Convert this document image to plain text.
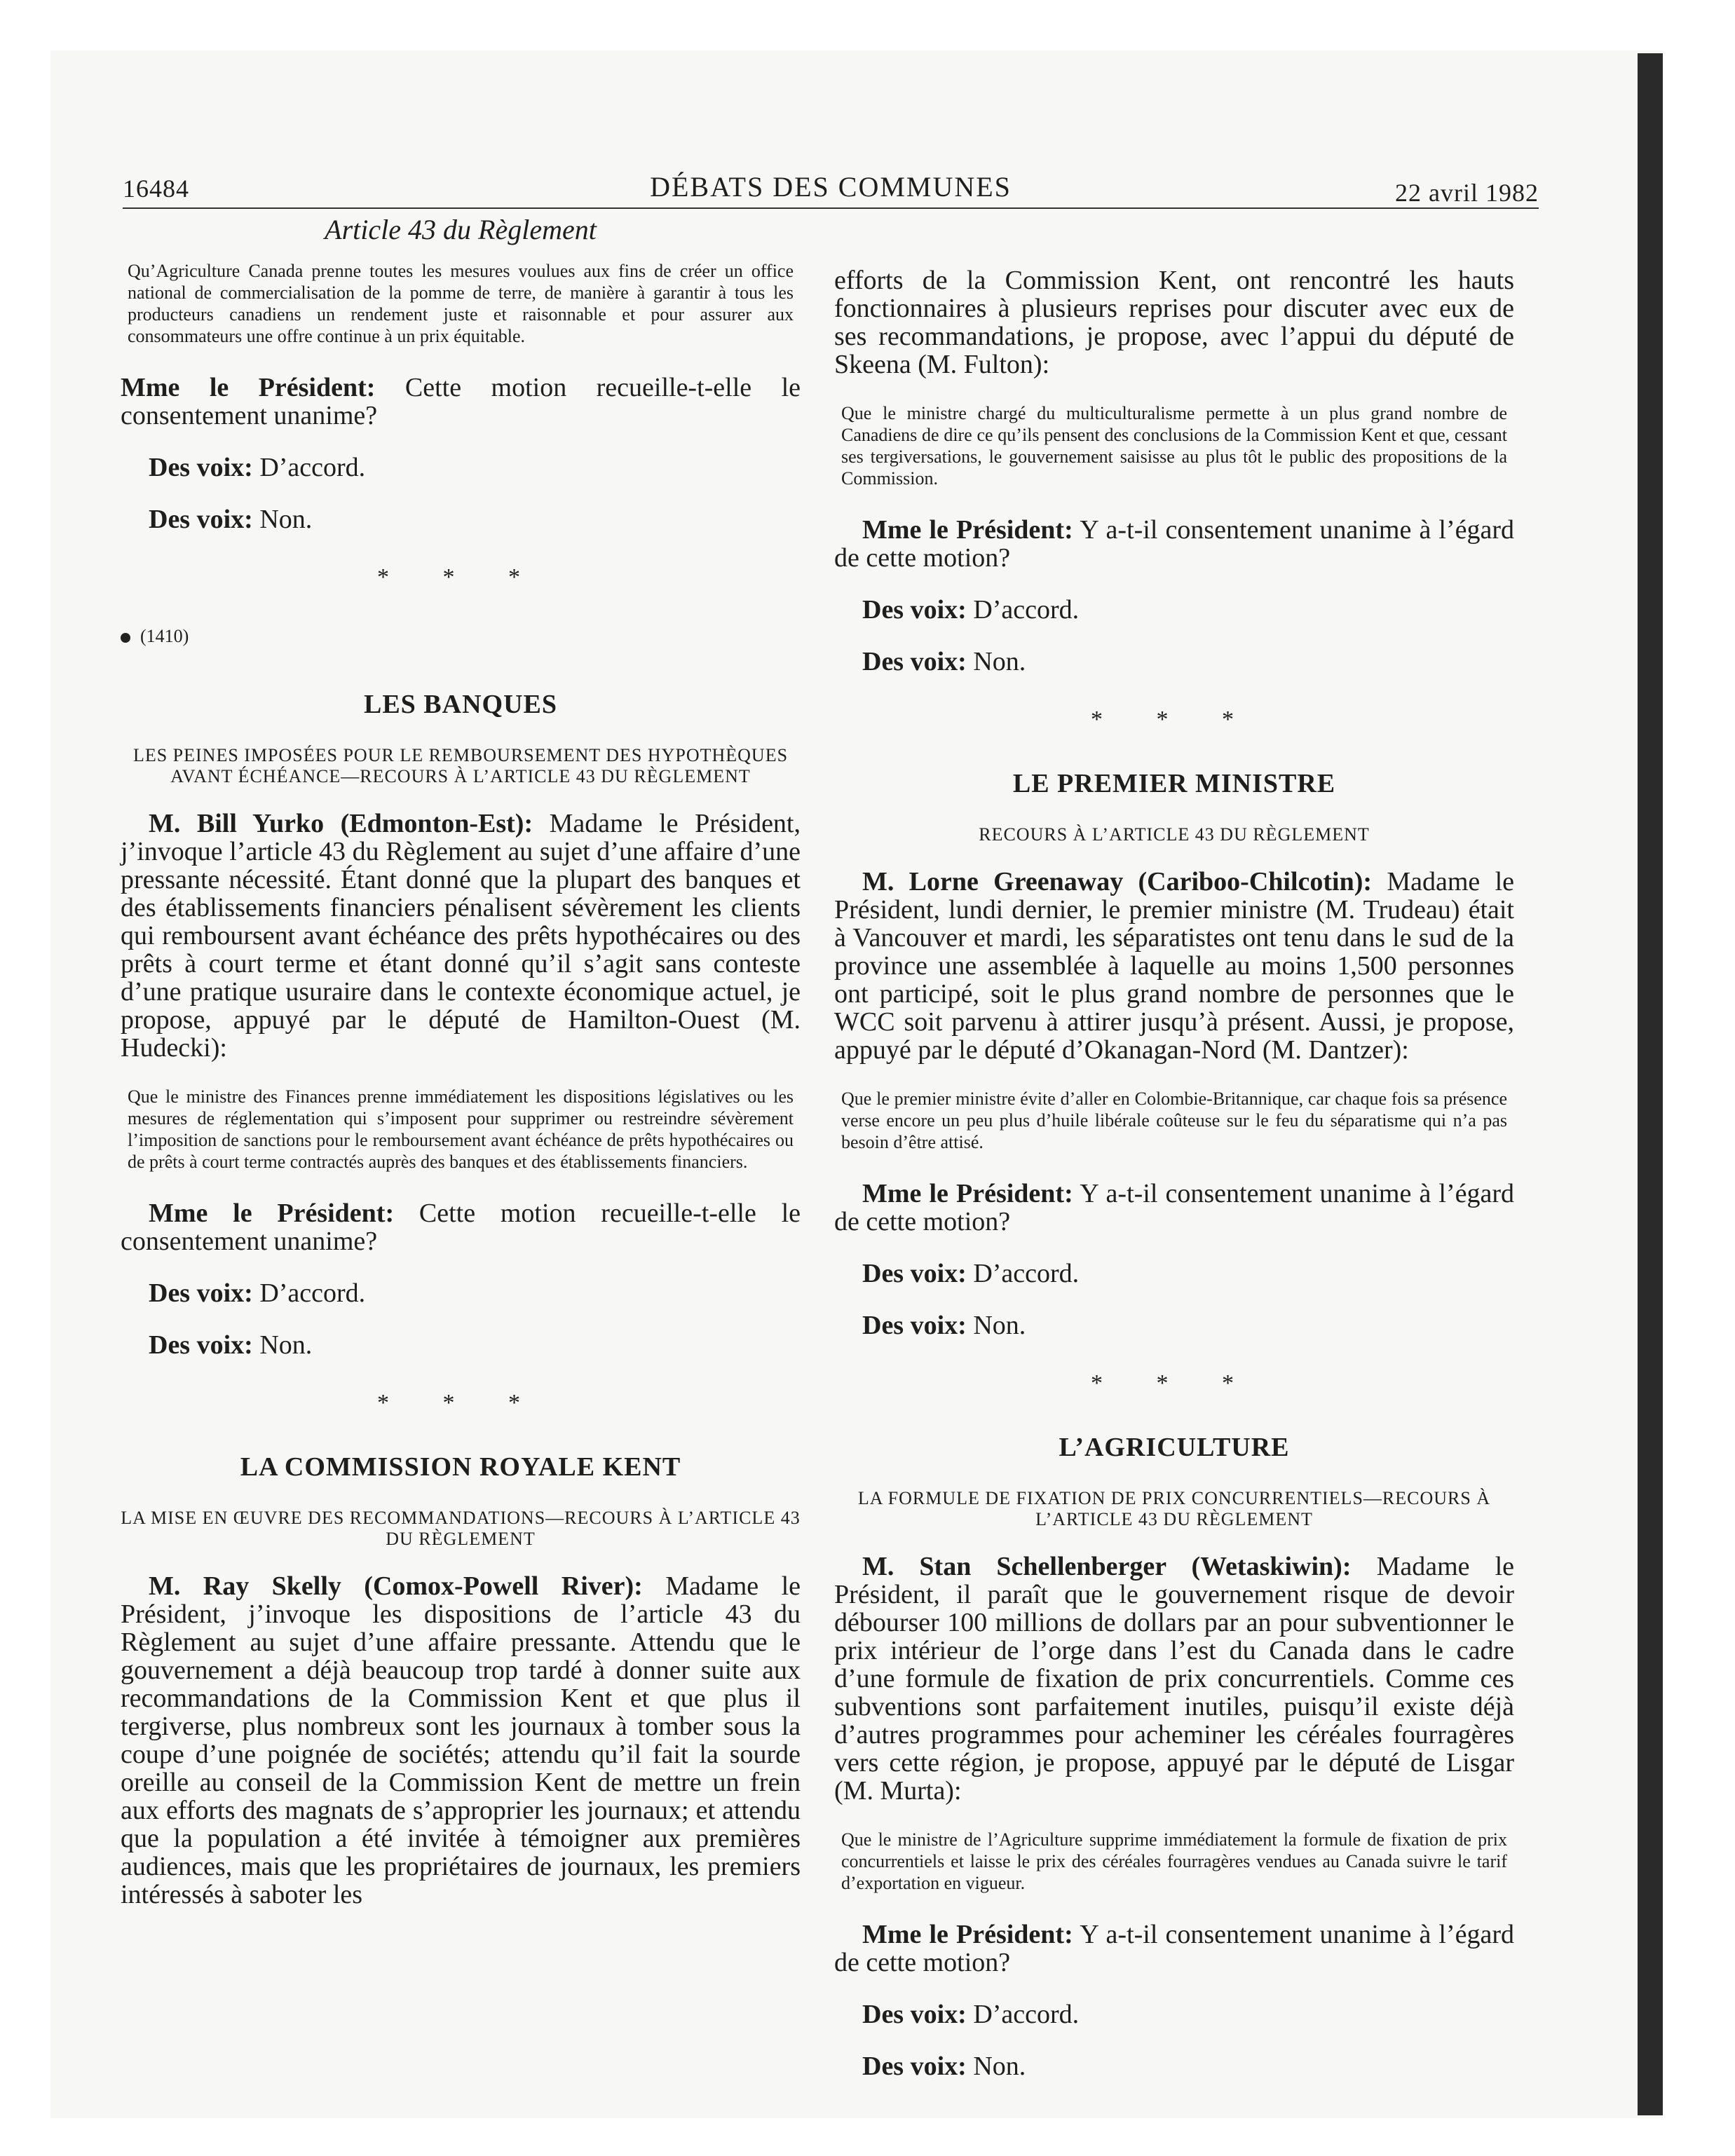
16484	DÉBATS DES COMMUNES	22 avril 1982
Article 43 du Règlement

Qu’Agriculture Canada prenne toutes les mesures voulues aux fins de créer un office national de commercialisation de la pomme de terre, de manière à garantir à tous les producteurs canadiens un rendement juste et raisonnable et pour assurer aux consommateurs une offre continue à un prix équitable.

Mme le Président: Cette motion recueille-t-elle le consentement unanime?

Des voix: D’accord.

Des voix: Non.

* * *
(1410)
LES BANQUES
LES PEINES IMPOSÉES POUR LE REMBOURSEMENT DES HYPOTHÈQUES AVANT ÉCHÉANCE—RECOURS À L’ARTICLE 43 DU RÈGLEMENT

M. Bill Yurko (Edmonton-Est): Madame le Président, j’invoque l’article 43 du Règlement au sujet d’une affaire d’une pressante nécessité. Étant donné que la plupart des banques et des établissements financiers pénalisent sévèrement les clients qui remboursent avant échéance des prêts hypothécaires ou des prêts à court terme et étant donné qu’il s’agit sans conteste d’une pratique usuraire dans le contexte économique actuel, je propose, appuyé par le député de Hamilton-Ouest (M. Hudecki):

Que le ministre des Finances prenne immédiatement les dispositions législatives ou les mesures de réglementation qui s’imposent pour supprimer ou restreindre sévèrement l’imposition de sanctions pour le remboursement avant échéance de prêts hypothécaires ou de prêts à court terme contractés auprès des banques et des établissements financiers.

Mme le Président: Cette motion recueille-t-elle le consentement unanime?

Des voix: D’accord.

Des voix: Non.

* * *
LA COMMISSION ROYALE KENT
LA MISE EN ŒUVRE DES RECOMMANDATIONS—RECOURS À L’ARTICLE 43 DU RÈGLEMENT

M. Ray Skelly (Comox-Powell River): Madame le Président, j’invoque les dispositions de l’article 43 du Règlement au sujet d’une affaire pressante. Attendu que le gouvernement a déjà beaucoup trop tardé à donner suite aux recommandations de la Commission Kent et que plus il tergiverse, plus nombreux sont les journaux à tomber sous la coupe d’une poignée de sociétés; attendu qu’il fait la sourde oreille au conseil de la Commission Kent de mettre un frein aux efforts des magnats de s’approprier les journaux; et attendu que la population a été invitée à témoigner aux premières audiences, mais que les propriétaires de journaux, les premiers intéressés à saboter les

efforts de la Commission Kent, ont rencontré les hauts fonctionnaires à plusieurs reprises pour discuter avec eux de ses recommandations, je propose, avec l’appui du député de Skeena (M. Fulton):

Que le ministre chargé du multiculturalisme permette à un plus grand nombre de Canadiens de dire ce qu’ils pensent des conclusions de la Commission Kent et que, cessant ses tergiversations, le gouvernement saisisse au plus tôt le public des propositions de la Commission.

Mme le Président: Y a-t-il consentement unanime à l’égard de cette motion?

Des voix: D’accord.

Des voix: Non.

* * *
LE PREMIER MINISTRE
RECOURS À L’ARTICLE 43 DU RÈGLEMENT

M. Lorne Greenaway (Cariboo-Chilcotin): Madame le Président, lundi dernier, le premier ministre (M. Trudeau) était à Vancouver et mardi, les séparatistes ont tenu dans le sud de la province une assemblée à laquelle au moins 1,500 personnes ont participé, soit le plus grand nombre de personnes que le WCC soit parvenu à attirer jusqu’à présent. Aussi, je propose, appuyé par le député d’Okanagan-Nord (M. Dantzer):

Que le premier ministre évite d’aller en Colombie-Britannique, car chaque fois sa présence verse encore un peu plus d’huile libérale coûteuse sur le feu du séparatisme qui n’a pas besoin d’être attisé.

Mme le Président: Y a-t-il consentement unanime à l’égard de cette motion?

Des voix: D’accord.

Des voix: Non.

* * *
L’AGRICULTURE
LA FORMULE DE FIXATION DE PRIX CONCURRENTIELS—RECOURS À L’ARTICLE 43 DU RÈGLEMENT

M. Stan Schellenberger (Wetaskiwin): Madame le Président, il paraît que le gouvernement risque de devoir débourser 100 millions de dollars par an pour subventionner le prix intérieur de l’orge dans l’est du Canada dans le cadre d’une formule de fixation de prix concurrentiels. Comme ces subventions sont parfaitement inutiles, puisqu’il existe déjà d’autres programmes pour acheminer les céréales fourragères vers cette région, je propose, appuyé par le député de Lisgar (M. Murta):

Que le ministre de l’Agriculture supprime immédiatement la formule de fixation de prix concurrentiels et laisse le prix des céréales fourragères vendues au Canada suivre le tarif d’exportation en vigueur.

Mme le Président: Y a-t-il consentement unanime à l’égard de cette motion?

Des voix: D’accord.

Des voix: Non.
